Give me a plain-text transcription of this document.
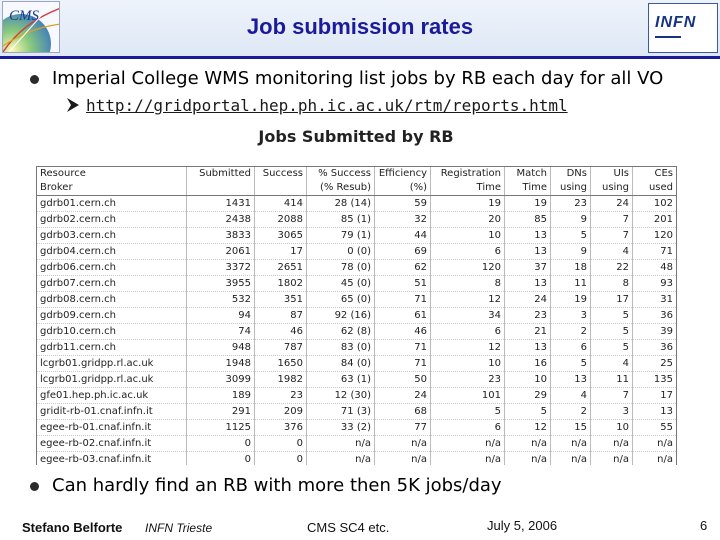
CMS	Job submission rates	INFN
Imperial College WMS monitoring list jobs by RB each day for all VO
http://gridportal.hep.ph.ic.ac.uk/rtm/reports.html
Jobs Submitted by RB
Resource	Submitted	Success	% Success	Efficiency	Registration	Match	DNs	UIs	CEs
Broker			(% Resub)	(%)	Time	Time	using	using	used
gdrb01.cern.ch	1431	414	28 (14)	59	19	19	23	24	102
gdrb02.cern.ch	2438	2088	85 (1)	32	20	85	9	7	201
gdrb03.cern.ch	3833	3065	79 (1)	44	10	13	5	7	120
gdrb04.cern.ch	2061	17	0 (0)	69	6	13	9	4	71
gdrb06.cern.ch	3372	2651	78 (0)	62	120	37	18	22	48
gdrb07.cern.ch	3955	1802	45 (0)	51	8	13	11	8	93
gdrb08.cern.ch	532	351	65 (0)	71	12	24	19	17	31
gdrb09.cern.ch	94	87	92 (16)	61	34	23	3	5	36
gdrb10.cern.ch	74	46	62 (8)	46	6	21	2	5	39
gdrb11.cern.ch	948	787	83 (0)	71	12	13	6	5	36
lcgrb01.gridpp.rl.ac.uk	1948	1650	84 (0)	71	10	16	5	4	25
lcgrb01.gridpp.rl.ac.uk	3099	1982	63 (1)	50	23	10	13	11	135
gfe01.hep.ph.ic.ac.uk	189	23	12 (30)	24	101	29	4	7	17
gridit-rb-01.cnaf.infn.it	291	209	71 (3)	68	5	5	2	3	13
egee-rb-01.cnaf.infn.it	1125	376	33 (2)	77	6	12	15	10	55
egee-rb-02.cnaf.infn.it	0	0	n/a	n/a	n/a	n/a	n/a	n/a	n/a
egee-rb-03.cnaf.infn.it	0	0	n/a	n/a	n/a	n/a	n/a	n/a	n/a

Can hardly find an RB with more then 5K jobs/day
Stefano Belforte INFN Trieste	CMS SC4 etc.	July 5, 2006	6
